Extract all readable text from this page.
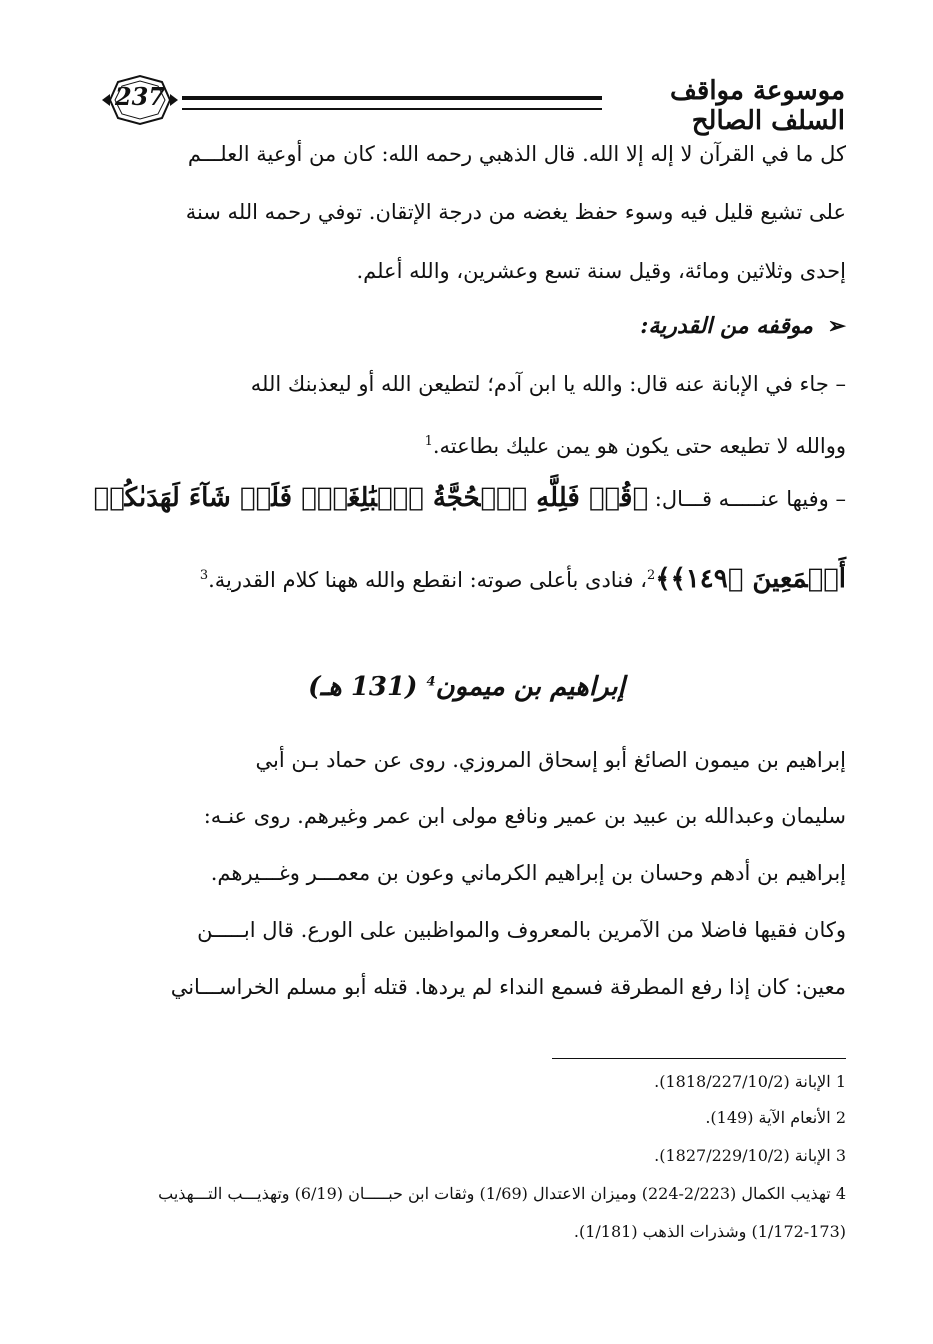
237	موسوعة مواقف السلف الصالح
كل ما في القرآن لا إله إلا الله. قال الذهبي رحمه الله: كان من أوعية العلـــم
على تشيع قليل فيه وسوء حفظ يغضه من درجة الإتقان. توفي رحمه الله سنة
إحدى وثلاثين ومائة، وقيل سنة تسع وعشرين، والله أعلم.
➢ موقفه من القدرية:
– جاء في الإبانة عنه قال: والله يا ابن آدم؛ لتطيعن الله أو ليعذبنك الله
ووالله لا تطيعه حتى يكون هو يمن عليك بطاعته.$^1$
– وفيها عنـــــه قـــال: ﴿قُلۡ فَلِلَّهِ ٱلۡحُجَّةُ ٱلۡبَٰلِغَةُۖ فَلَوۡ شَآءَ لَهَدَىٰكُمۡ
أَجۡمَعِينَ ﴿١٤٩﴾﴾$^2$، فنادى بأعلى صوته: انقطع والله ههنا كلام القدرية.$^3$
إبراهيم بن ميمون$^4$ (131 هـ)
إبراهيم بن ميمون الصائغ أبو إسحاق المروزي. روى عن حماد بـن أبي
سليمان وعبدالله بن عبيد بن عمير ونافع مولى ابن عمر وغيرهم. روى عنـه:
إبراهيم بن أدهم وحسان بن إبراهيم الكرماني وعون بن معمـــر وغـــيرهم.
وكان فقيها فاضلا من الآمرين بالمعروف والمواظبين على الورع. قال ابـــــن
معين: كان إذا رفع المطرقة فسمع النداء لم يردها. قتله أبو مسلم الخراســـاني
1 الإبانة (1818/227/10/2).
2 الأنعام الآية (149).
3 الإبانة (1827/229/10/2).
4 تهذيب الكمال (2/223-224) وميزان الاعتدال (1/69) وثقات ابن حبـــــان (6/19) وتهذيـــب التـــهذيب
(1/172-173) وشذرات الذهب (1/181).
